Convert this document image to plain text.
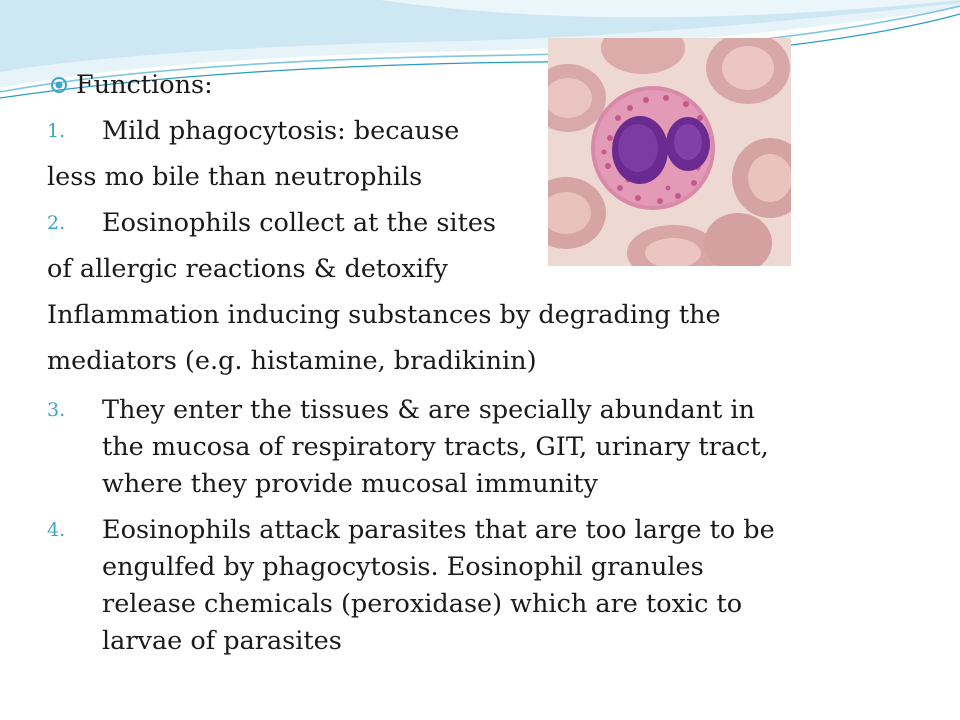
Functions:
1. Mild phagocytosis: because
less mo bile than neutrophils
2. Eosinophils collect at the sites
of allergic reactions & detoxify
Inflammation inducing substances by degrading the
mediators (e.g. histamine, bradikinin)
3. They enter the tissues & are specially abundant in the mucosa of respiratory tracts, GIT, urinary tract, where they provide mucosal immunity
4. Eosinophils attack parasites that are too large to be engulfed by phagocytosis. Eosinophil granules release chemicals (peroxidase) which are toxic to larvae of parasites
